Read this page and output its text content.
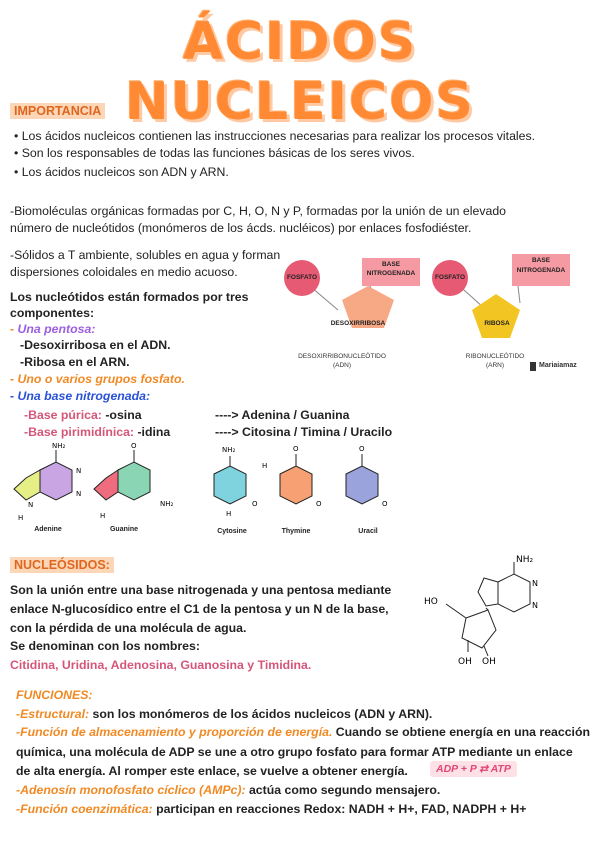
ÁCIDOS NUCLEICOS
IMPORTANCIA
• Los ácidos nucleicos contienen las instrucciones necesarias para realizar los procesos vitales.
• Son los responsables de todas las funciones básicas de los seres vivos.
• Los ácidos nucleicos son ADN y ARN.
-Biomoléculas orgánicas formadas por C, H, O, N y P, formadas por la unión de un elevado
número de nucleótidos (monómeros de los ácds. nucléicos) por enlaces fosfodiéster.
-Sólidos a T ambiente, solubles en agua y forman
dispersiones coloidales en medio acuoso.
Los nucleótidos están formados por tres
componentes:
- Una pentosa:
-Desoxirribosa en el ADN.
-Ribosa en el ARN.
- Uno o varios grupos fosfato.
- Una base nitrogenada:
-Base púrica: -osina	----> Adenina / Guanina
-Base pirimidínica: -idina	----> Citosina / Timina / Uracilo
FOSFATO
BASE
NITROGENADA
DESOXIRRIBOSA
FOSFATO
BASE
NITROGENADA
RIBOSA
DESOXIRRIBONUCLEÓTIDO
(ADN)
RIBONUCLEÓTIDO
(ARN)	Mariaiamaz
NH₂
N
N
N
H
O
NH₂
H
NH₂
O
H
O
H
O
O
O
Adenine	Guanine	Cytosine	Thymine	Uracil
NUCLEÓSIDOS:
Son la unión entre una base nitrogenada y una pentosa mediante
enlace N-glucosídico entre el C1 de la pentosa y un N de la base,
con la pérdida de una molécula de agua.
Se denominan con los nombres:
Citidina, Uridina, Adenosina, Guanosina y Timidina.
NH₂
N
N
HO
OH OH
FUNCIONES:
-Estructural: son los monómeros de los ácidos nucleicos (ADN y ARN).
-Función de almacenamiento y proporción de energía. Cuando se obtiene energía en una reacción
química, una molécula de ADP se une a otro grupo fosfato para formar ATP mediante un enlace
de alta energía. Al romper este enlace, se vuelve a obtener energía.	ADP + P ⇄ ATP
-Adenosín monofosfato cíclico (AMPc): actúa como segundo mensajero.
-Función coenzimática: participan en reacciones Redox: NADH + H+, FAD, NADPH + H+
